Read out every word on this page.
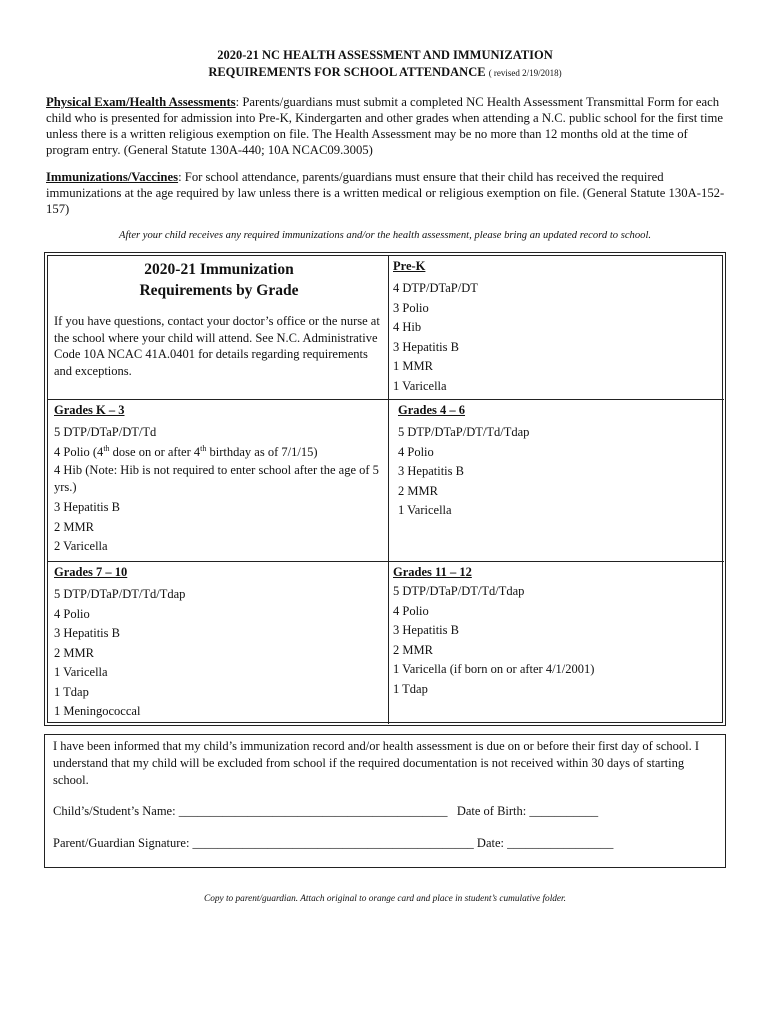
2020-21 NC HEALTH ASSESSMENT AND IMMUNIZATION
REQUIREMENTS FOR SCHOOL ATTENDANCE ( revised 2/19/2018)

Physical Exam/Health Assessments: Parents/guardians must submit a completed NC Health Assessment Transmittal Form for each child who is presented for admission into Pre-K, Kindergarten and other grades when attending a N.C. public school for the first time unless there is a written religious exemption on file. The Health Assessment may be no more than 12 months old at the time of program entry. (General Statute 130A-440; 10A NCAC09.3005)

Immunizations/Vaccines: For school attendance, parents/guardians must ensure that their child has received the required immunizations at the age required by law unless there is a written medical or religious exemption on file. (General Statute 130A-152-157)

After your child receives any required immunizations and/or the health assessment, please bring an updated record to school.
2020-21 Immunization
Requirements by Grade
If you have questions, contact your doctor’s office or the nurse at the school where your child will attend. See N.C. Administrative Code 10A NCAC 41A.0401 for details regarding requirements and exceptions.
Pre-K
4 DTP/DTaP/DT
3 Polio
4 Hib
3 Hepatitis B
1 MMR
1 Varicella
Grades K – 3
5 DTP/DTaP/DT/Td
4 Polio (4th dose on or after 4th birthday as of 7/1/15)
4 Hib (Note: Hib is not required to enter school after the age of 5 yrs.)
3 Hepatitis B
2 MMR
2 Varicella
Grades 4 – 6
5 DTP/DTaP/DT/Td/Tdap
4 Polio
3 Hepatitis B
2 MMR
1 Varicella
Grades 7 – 10
5 DTP/DTaP/DT/Td/Tdap
4 Polio
3 Hepatitis B
2 MMR
1 Varicella
1 Tdap
1 Meningococcal
Grades 11 – 12
5 DTP/DTaP/DT/Td/Tdap
4 Polio
3 Hepatitis B
2 MMR
1 Varicella (if born on or after 4/1/2001)
1 Tdap
I have been informed that my child’s immunization record and/or health assessment is due on or before their first day of school. I understand that my child will be excluded from school if the required documentation is not received within 30 days of starting school.
Child’s/Student’s Name: ___________________________________________ Date of Birth: ___________
Parent/Guardian Signature: _____________________________________________ Date: _________________
Copy to parent/guardian. Attach original to orange card and place in student’s cumulative folder.
